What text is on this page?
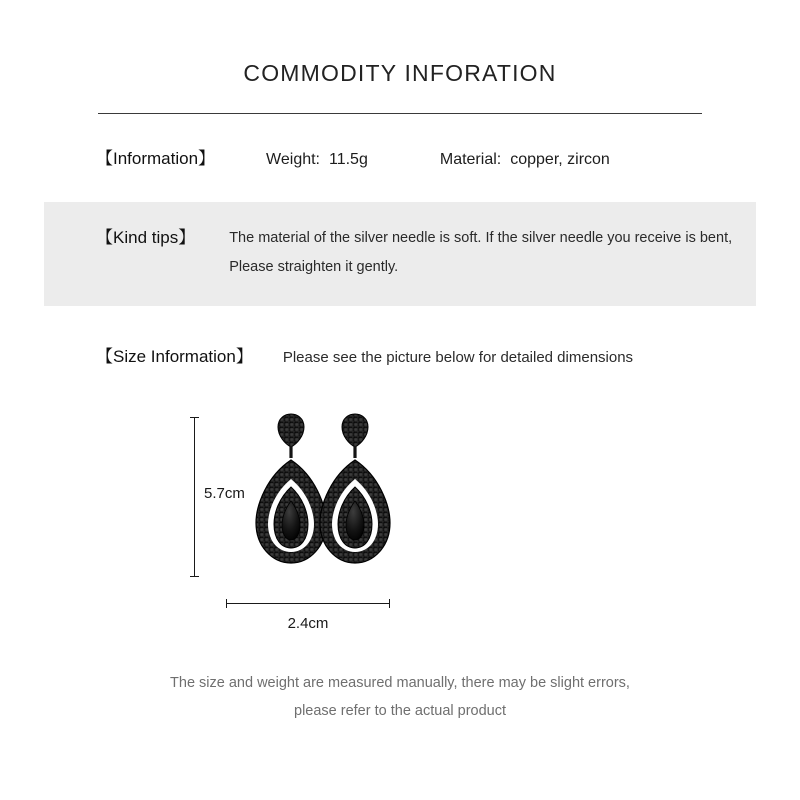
COMMODITY INFORATION
【Information】	Weight: 11.5g	Material: copper, zircon
【Kind tips】 The material of the silver needle is soft. If the silver needle you receive is bent,
Please straighten it gently.
【Size Information】 Please see the picture below for detailed dimensions
5.7cm
2.4cm
The size and weight are measured manually, there may be slight errors,
please refer to the actual product
